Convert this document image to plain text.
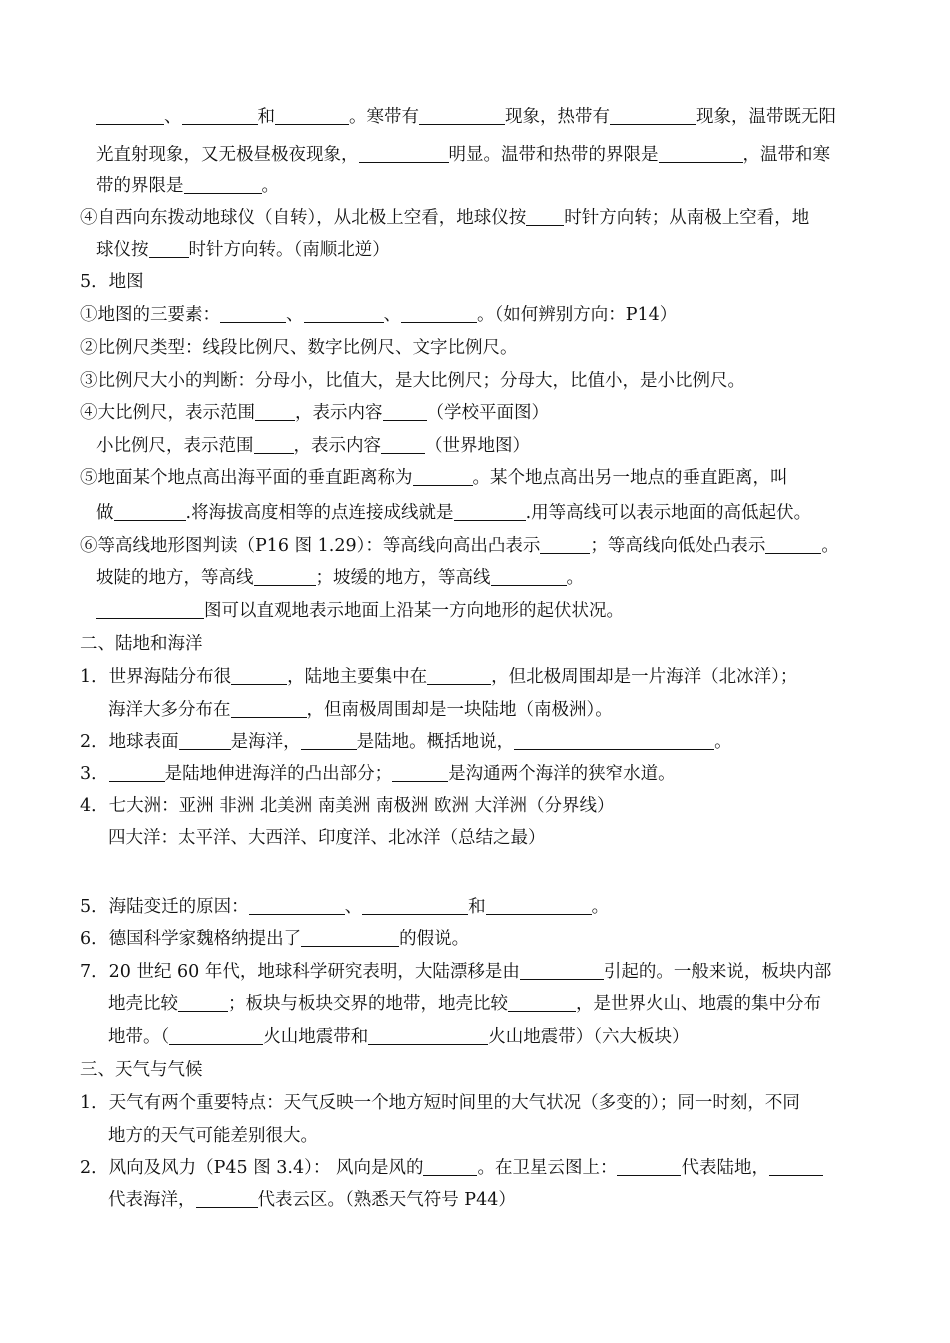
、	和	。寒带有	现象，热带有	现象，温带既无阳
光直射现象，又无极昼极夜现象，	明显。温带和热带的界限是	，温带和寒
带的界限是	。
④自西向东拨动地球仪（自转），从北极上空看，地球仪按 时针方向转；从南极上空看，地
球仪按 时针方向转。（南顺北逆）
5．地图
①地图的三要素：	、	、	。（如何辨别方向：P14）
②比例尺类型：线段比例尺、数字比例尺、文字比例尺。
③比例尺大小的判断：分母小，比值大，是大比例尺；分母大，比值小，是小比例尺。
④大比例尺，表示范围 ，表示内容	（学校平面图）
小比例尺，表示范围 ，表示内容	（世界地图）
⑤地面某个地点高出海平面的垂直距离称为	。某个地点高出另一地点的垂直距离，叫
做	.将海拔高度相等的点连接成线就是	.用等高线可以表示地面的高低起伏。
⑥等高线地形图判读（P16 图 1.29）：等高线向高出凸表示	；等高线向低处凸表示	。
坡陡的地方，等高线	；坡缓的地方，等高线	。
图可以直观地表示地面上沿某一方向地形的起伏状况。
二、陆地和海洋
1．世界海陆分布很	，陆地主要集中在	，但北极周围却是一片海洋（北冰洋）；
海洋大多分布在	，但南极周围却是一块陆地（南极洲）。
2．地球表面	是海洋，	是陆地。概括地说，	。
3．	是陆地伸进海洋的凸出部分；	是沟通两个海洋的狭窄水道。
4．七大洲：亚洲 非洲 北美洲 南美洲 南极洲 欧洲 大洋洲（分界线）
四大洋：太平洋、大西洋、印度洋、北冰洋（总结之最）
5．海陆变迁的原因：	、	和	。
6．德国科学家魏格纳提出了	的假说。
7．20 世纪 60 年代，地球科学研究表明，大陆漂移是由	引起的。一般来说，板块内部
地壳比较	；板块与板块交界的地带，地壳比较	，是世界火山、地震的集中分布
地带。（	火山地震带和	火山地震带）（六大板块）
三、天气与气候
1．天气有两个重要特点：天气反映一个地方短时间里的大气状况（多变的）；同一时刻，不同
地方的天气可能差别很大。
2．风向及风力（P45 图 3.4）： 风向是风的	。在卫星云图上：	代表陆地，
代表海洋，	代表云区。（熟悉天气符号 P44）
